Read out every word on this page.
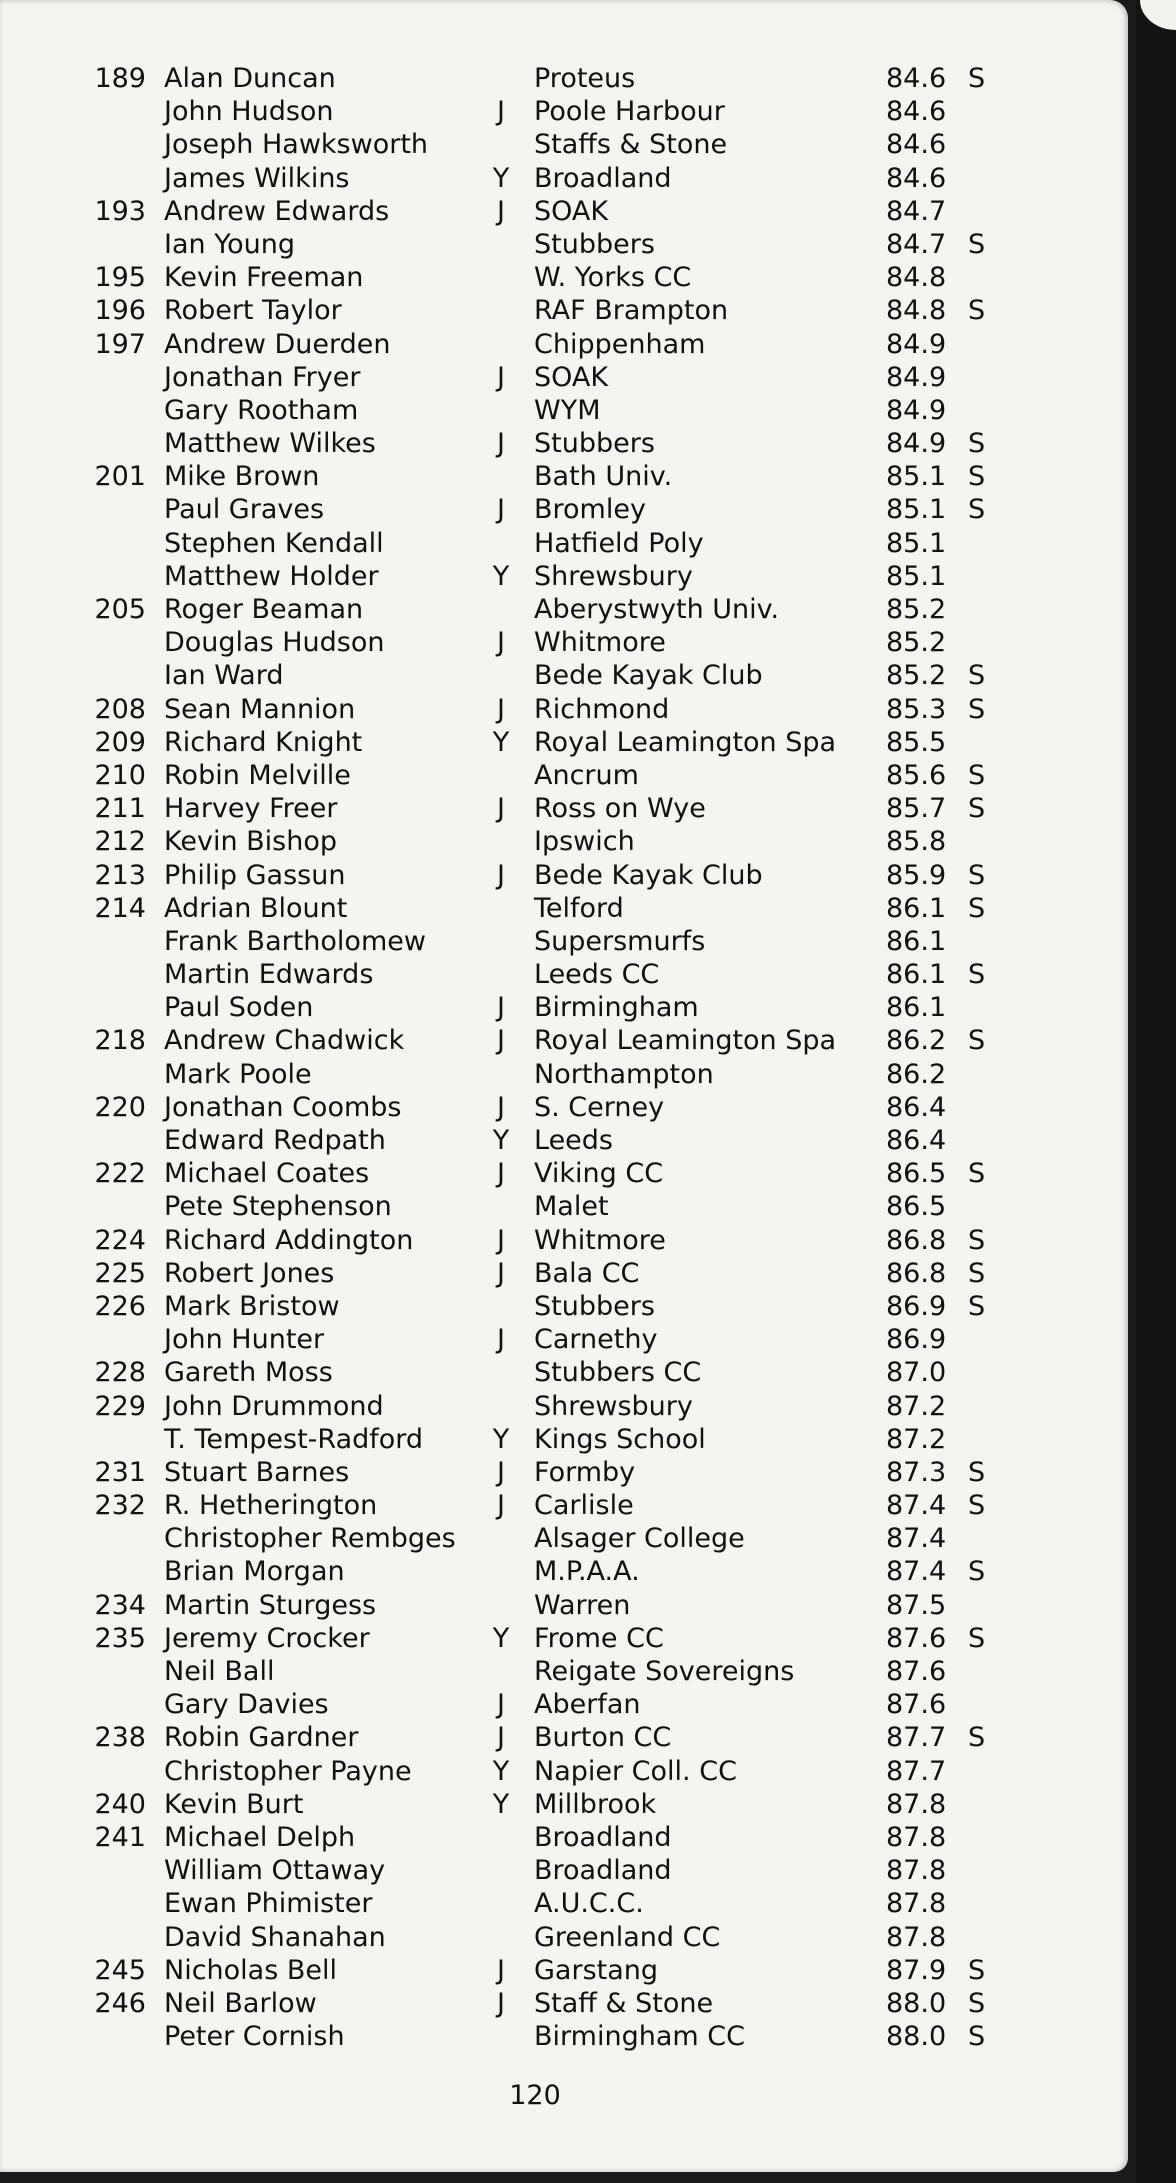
189 Alan Duncan	Proteus	84.6 S
John Hudson	J	Poole Harbour	84.6
Joseph Hawksworth	Staffs & Stone	84.6
James Wilkins	Y Broadland	84.6
193 Andrew Edwards	J	SOAK	84.7
Ian Young	Stubbers	84.7 S
195 Kevin Freeman	W. Yorks CC	84.8
196 Robert Taylor	RAF Brampton	84.8 S
197 Andrew Duerden	Chippenham	84.9
Jonathan Fryer	J	SOAK	84.9
Gary Rootham	WYM	84.9
Matthew Wilkes	J	Stubbers	84.9 S
201 Mike Brown	Bath Univ.	85.1 S
Paul Graves	J	Bromley	85.1 S
Stephen Kendall	Hatfield Poly	85.1
Matthew Holder	Y Shrewsbury	85.1
205 Roger Beaman	Aberystwyth Univ.	85.2
Douglas Hudson	J	Whitmore	85.2
Ian Ward	Bede Kayak Club	85.2 S
208 Sean Mannion	J	Richmond	85.3 S
209 Richard Knight	Y Royal Leamington Spa 85.5
210 Robin Melville	Ancrum	85.6 S
211 Harvey Freer	J	Ross on Wye	85.7 S
212 Kevin Bishop	Ipswich	85.8
213 Philip Gassun	J	Bede Kayak Club	85.9 S
214 Adrian Blount	Telford	86.1 S
Frank Bartholomew	Supersmurfs	86.1
Martin Edwards	Leeds CC	86.1 S
Paul Soden	J	Birmingham	86.1
218 Andrew Chadwick	J	Royal Leamington Spa 86.2 S
Mark Poole	Northampton	86.2
220 Jonathan Coombs	J	S. Cerney	86.4
Edward Redpath	Y Leeds	86.4
222 Michael Coates	J	Viking CC	86.5 S
Pete Stephenson	Malet	86.5
224 Richard Addington	J	Whitmore	86.8 S
225 Robert Jones	J	Bala CC	86.8 S
226 Mark Bristow	Stubbers	86.9 S
John Hunter	J	Carnethy	86.9
228 Gareth Moss	Stubbers CC	87.0
229 John Drummond	Shrewsbury	87.2
T. Tempest-Radford	Y Kings School	87.2
231 Stuart Barnes	J	Formby	87.3 S
232 R. Hetherington	J	Carlisle	87.4 S
Christopher Rembges	Alsager College	87.4
Brian Morgan	M.P.A.A.	87.4 S
234 Martin Sturgess	Warren	87.5
235 Jeremy Crocker	Y Frome CC	87.6 S
Neil Ball	Reigate Sovereigns	87.6
Gary Davies	J	Aberfan	87.6
238 Robin Gardner	J	Burton CC	87.7 S
Christopher Payne	Y Napier Coll. CC	87.7
240 Kevin Burt	Y Millbrook	87.8
241 Michael Delph	Broadland	87.8
William Ottaway	Broadland	87.8
Ewan Phimister	A.U.C.C.	87.8
David Shanahan	Greenland CC	87.8
245 Nicholas Bell	J	Garstang	87.9 S
246 Neil Barlow	J	Staff & Stone	88.0 S
Peter Cornish	Birmingham CC	88.0 S
120
